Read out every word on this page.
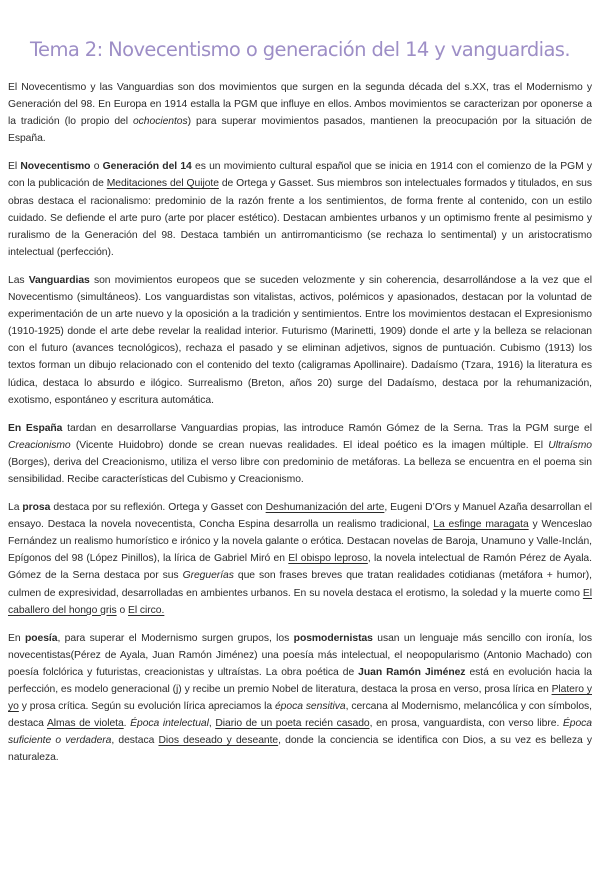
Tema 2: Novecentismo o generación del 14 y vanguardias.

El Novecentismo y las Vanguardias son dos movimientos que surgen en la segunda década del s.XX, tras el Modernismo y Generación del 98. En Europa en 1914 estalla la PGM que influye en ellos. Ambos movimientos se caracterizan por oponerse a la tradición (lo propio del ochocientos) para superar movimientos pasados, mantienen la preocupación por la situación de España.

El Novecentismo o Generación del 14 es un movimiento cultural español que se inicia en 1914 con el comienzo de la PGM y con la publicación de Meditaciones del Quijote de Ortega y Gasset. Sus miembros son intelectuales formados y titulados, en sus obras destaca el racionalismo: predominio de la razón frente a los sentimientos, de forma frente al contenido, con un estilo cuidado. Se defiende el arte puro (arte por placer estético). Destacan ambientes urbanos y un optimismo frente al pesimismo y ruralismo de la Generación del 98. Destaca también un antirromanticismo (se rechaza lo sentimental) y un aristocratismo intelectual (perfección).

Las Vanguardias son movimientos europeos que se suceden velozmente y sin coherencia, desarrollándose a la vez que el Novecentismo (simultáneos). Los vanguardistas son vitalistas, activos, polémicos y apasionados, destacan por la voluntad de experimentación de un arte nuevo y la oposición a la tradición y sentimientos. Entre los movimientos destacan el Expresionismo (1910-1925) donde el arte debe revelar la realidad interior. Futurismo (Marinetti, 1909) donde el arte y la belleza se relacionan con el futuro (avances tecnológicos), rechaza el pasado y se eliminan adjetivos, signos de puntuación. Cubismo (1913) los textos forman un dibujo relacionado con el contenido del texto (caligramas Apollinaire). Dadaísmo (Tzara, 1916) la literatura es lúdica, destaca lo absurdo e ilógico. Surrealismo (Breton, años 20) surge del Dadaísmo, destaca por la rehumanización, exotismo, espontáneo y escritura automática.

En España tardan en desarrollarse Vanguardias propias, las introduce Ramón Gómez de la Serna. Tras la PGM surge el Creacionismo (Vicente Huidobro) donde se crean nuevas realidades. El ideal poético es la imagen múltiple. El Ultraísmo (Borges), deriva del Creacionismo, utiliza el verso libre con predominio de metáforas. La belleza se encuentra en el poema sin sensibilidad. Recibe características del Cubismo y Creacionismo.

La prosa destaca por su reflexión. Ortega y Gasset con Deshumanización del arte, Eugeni D’Ors y Manuel Azaña desarrollan el ensayo. Destaca la novela novecentista, Concha Espina desarrolla un realismo tradicional, La esfinge maragata y Wenceslao Fernández un realismo humorístico e irónico y la novela galante o erótica. Destacan novelas de Baroja, Unamuno y Valle-Inclán, Epígonos del 98 (López Pinillos), la lírica de Gabriel Miró en El obispo leproso, la novela intelectual de Ramón Pérez de Ayala. Gómez de la Serna destaca por sus Greguerías que son frases breves que tratan realidades cotidianas (metáfora + humor), culmen de expresividad, desarrolladas en ambientes urbanos. En su novela destaca el erotismo, la soledad y la muerte como El caballero del hongo gris o El circo.

En poesía, para superar el Modernismo surgen grupos, los posmodernistas usan un lenguaje más sencillo con ironía, los novecentistas(Pérez de Ayala, Juan Ramón Jiménez) una poesía más intelectual, el neopopularismo (Antonio Machado) con poesía folclórica y futuristas, creacionistas y ultraístas. La obra poética de Juan Ramón Jiménez está en evolución hacia la perfección, es modelo generacional (j) y recibe un premio Nobel de literatura, destaca la prosa en verso, prosa lírica en Platero y yo y prosa crítica. Según su evolución lírica apreciamos la época sensitiva, cercana al Modernismo, melancólica y con símbolos, destaca Almas de violeta. Época intelectual, Diario de un poeta recién casado, en prosa, vanguardista, con verso libre. Época suficiente o verdadera, destaca Dios deseado y deseante, donde la conciencia se identifica con Dios, a su vez es belleza y naturaleza.
